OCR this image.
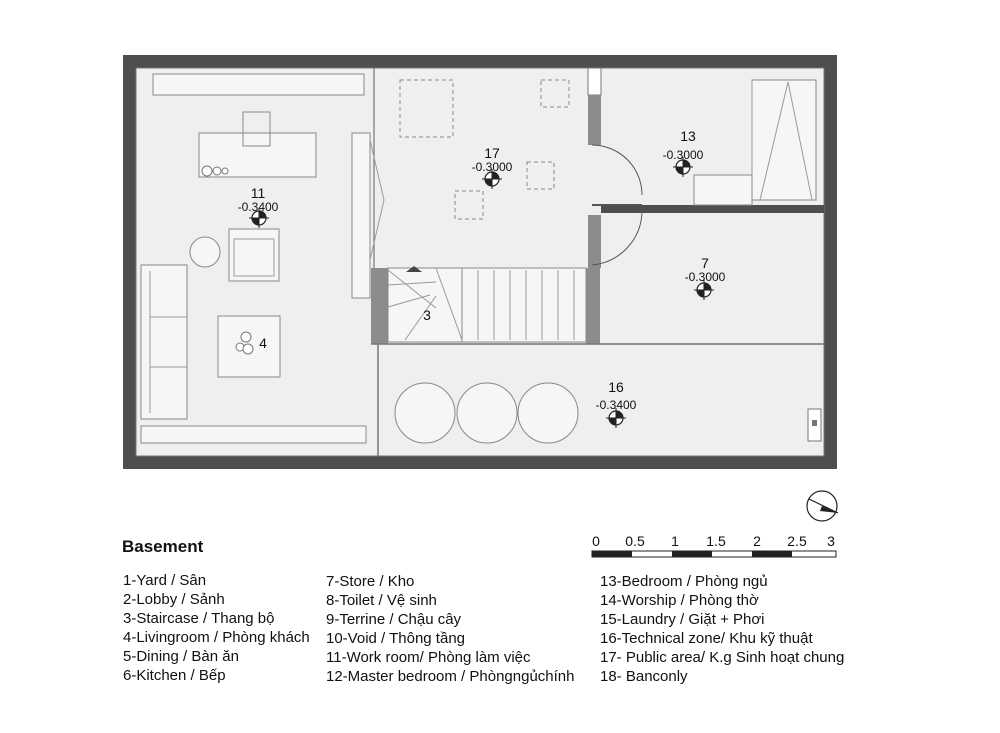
11
-0.3400
17
-0.3000
13
-0.3000
7
-0.3000
16
-0.3400
3
4
0 0.5 1 1.5 2 2.5 3
Basement
1-Yard / Sân
2-Lobby / Sảnh
3-Staircase / Thang bộ
4-Livingroom / Phòng khách
5-Dining / Bàn ăn
6-Kitchen / Bếp
7-Store / Kho
8-Toilet / Vệ sinh
9-Terrine / Chậu cây
10-Void / Thông tầng
11-Work room/ Phòng làm việc
12-Master bedroom / Phòngngủchính
13-Bedroom / Phòng ngủ
14-Worship / Phòng thờ
15-Laundry / Giặt + Phơi
16-Technical zone/ Khu kỹ thuật
17- Public area/ K.g Sinh hoạt chung
18- Banconly
